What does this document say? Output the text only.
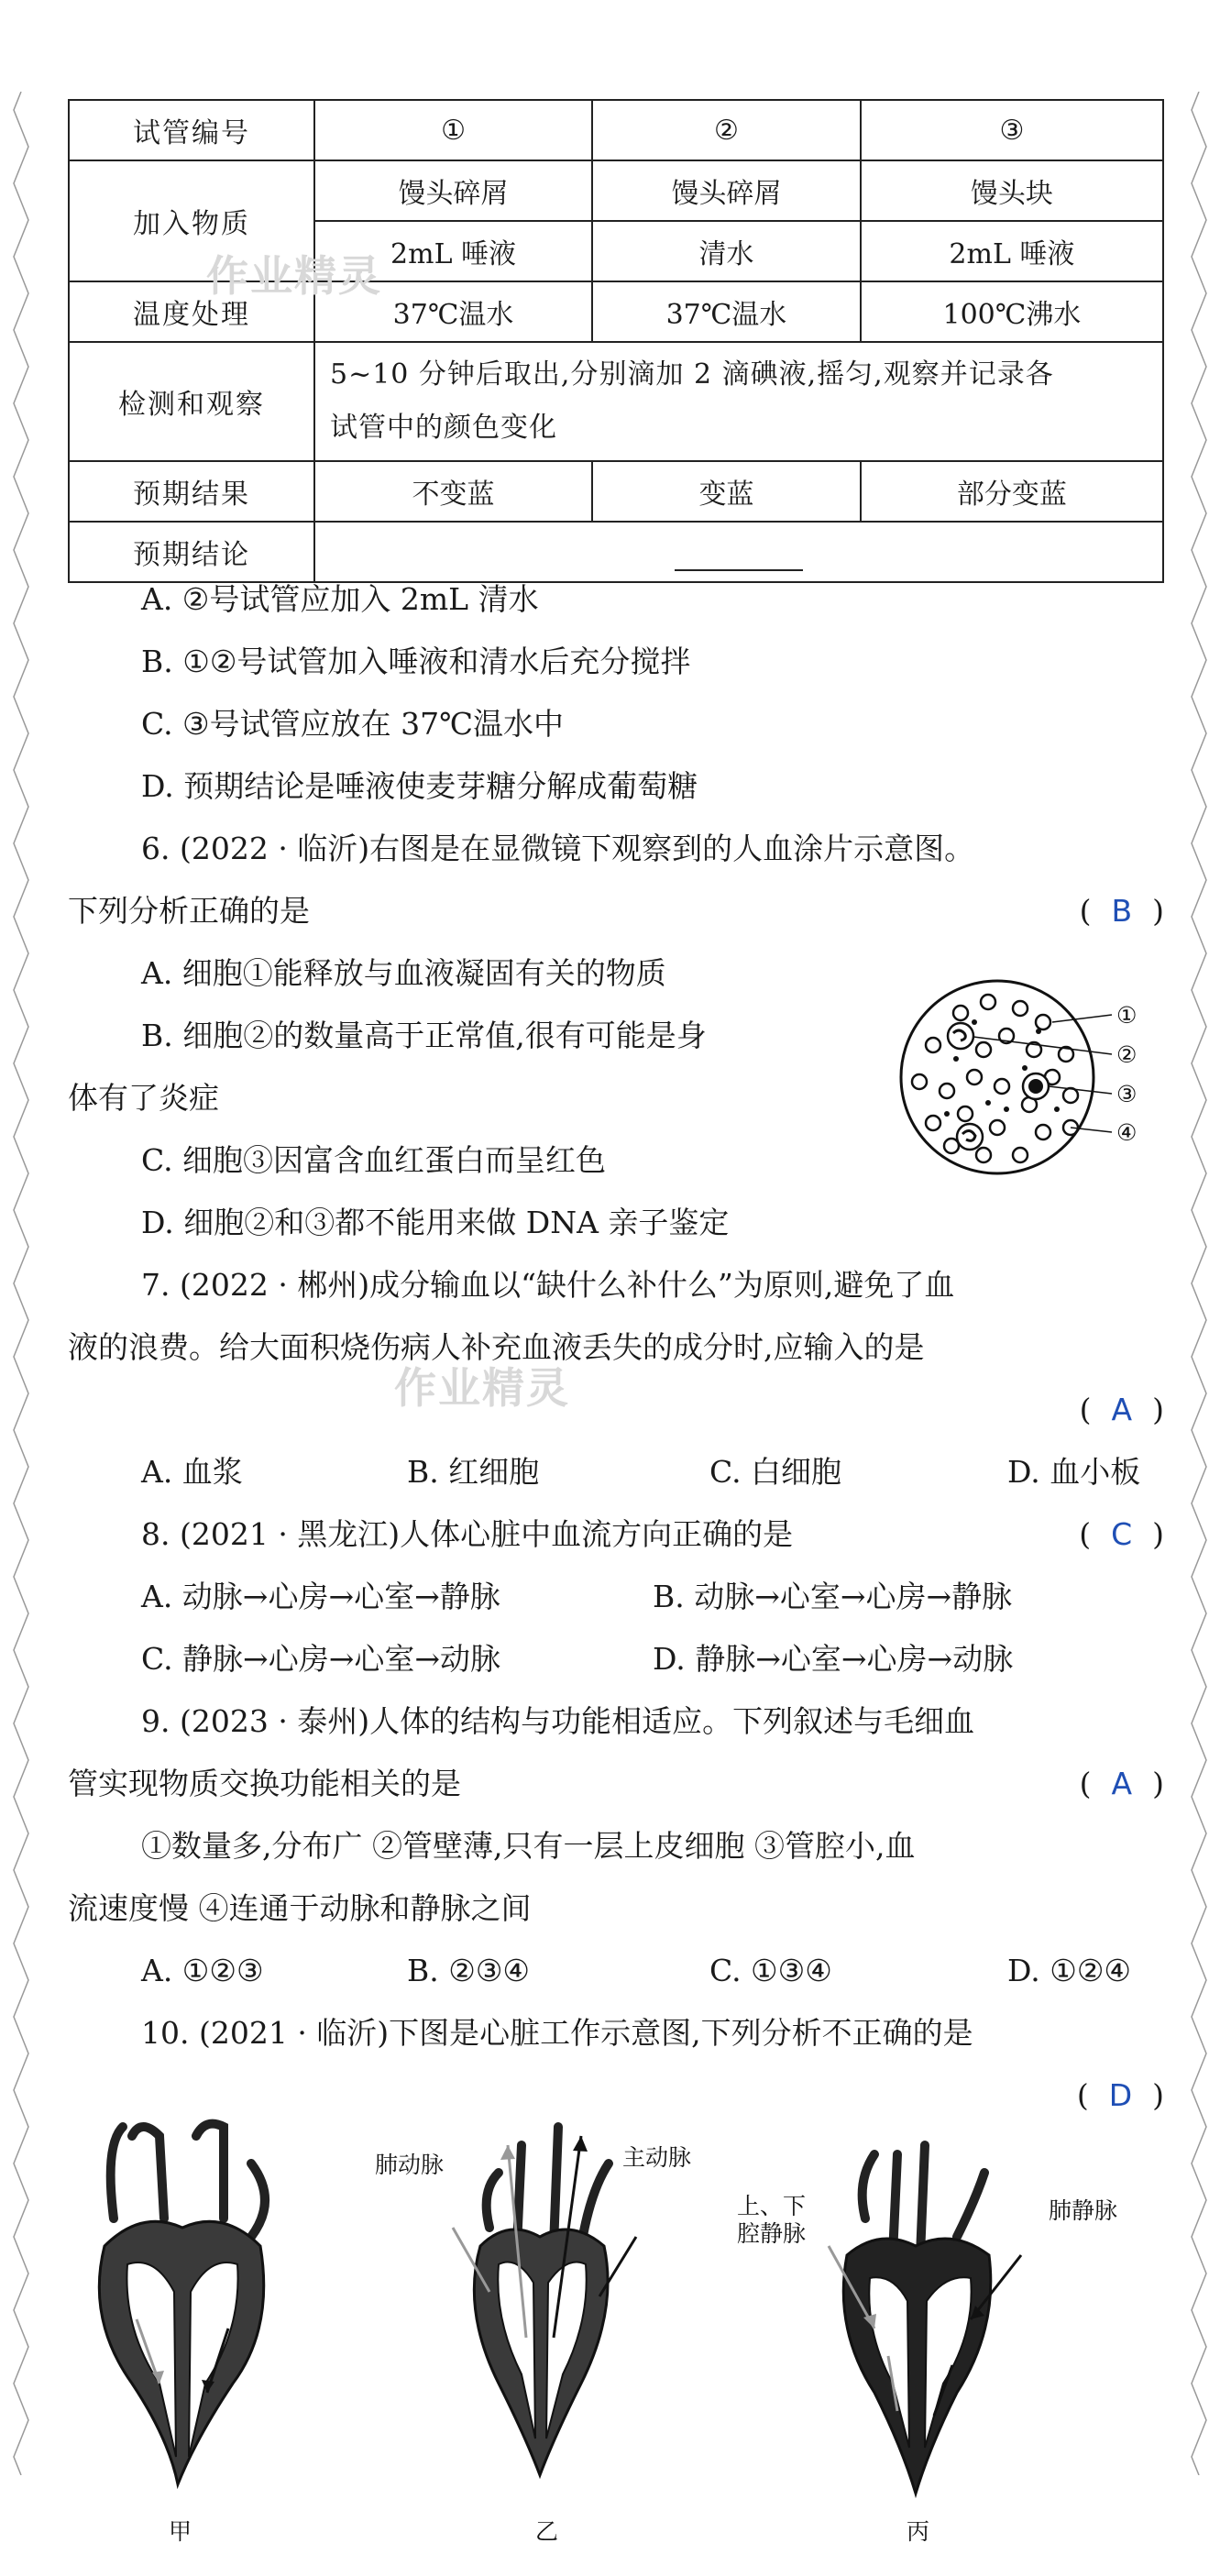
试管编号	①	②	③
加入物质	馒头碎屑	馒头碎屑	馒头块
	2mL 唾液	清水	2mL 唾液
温度处理	37℃温水	37℃温水	100℃沸水
检测和观察	5~10 分钟后取出,分别滴加 2 滴碘液,摇匀,观察并记录各
试管中的颜色变化		

预期结果	不变蓝	变蓝	部分变蓝
预期结论			
作业精灵
作业精灵
A. ②号试管应加入 2mL 清水
B. ①②号试管加入唾液和清水后充分搅拌
C. ③号试管应放在 37℃温水中
D. 预期结论是唾液使麦芽糖分解成葡萄糖
6. (2022 · 临沂)右图是在显微镜下观察到的人血涂片示意图。
下列分析正确的是	( B )
A. 细胞①能释放与血液凝固有关的物质
B. 细胞②的数量高于正常值,很有可能是身
体有了炎症
C. 细胞③因富含血红蛋白而呈红色
D. 细胞②和③都不能用来做 DNA 亲子鉴定
7. (2022 · 郴州)成分输血以“缺什么补什么”为原则,避免了血
液的浪费。给大面积烧伤病人补充血液丢失的成分时,应输入的是
( A )
A. 血浆	B. 红细胞	C. 白细胞	D. 血小板
8. (2021 · 黑龙江)人体心脏中血流方向正确的是	( C )
A. 动脉→心房→心室→静脉	B. 动脉→心室→心房→静脉
C. 静脉→心房→心室→动脉	D. 静脉→心室→心房→动脉
9. (2023 · 泰州)人体的结构与功能相适应。下列叙述与毛细血
管实现物质交换功能相关的是	( A )
①数量多,分布广 ②管壁薄,只有一层上皮细胞 ③管腔小,血
流速度慢 ④连通于动脉和静脉之间
A. ①②③	B. ②③④	C. ①③④	D. ①②④
10. (2021 · 临沂)下图是心脏工作示意图,下列分析不正确的是
( D )
①
②
③
④
甲
肺动脉	主动脉
乙
上、下
腔静脉
肺静脉
丙
